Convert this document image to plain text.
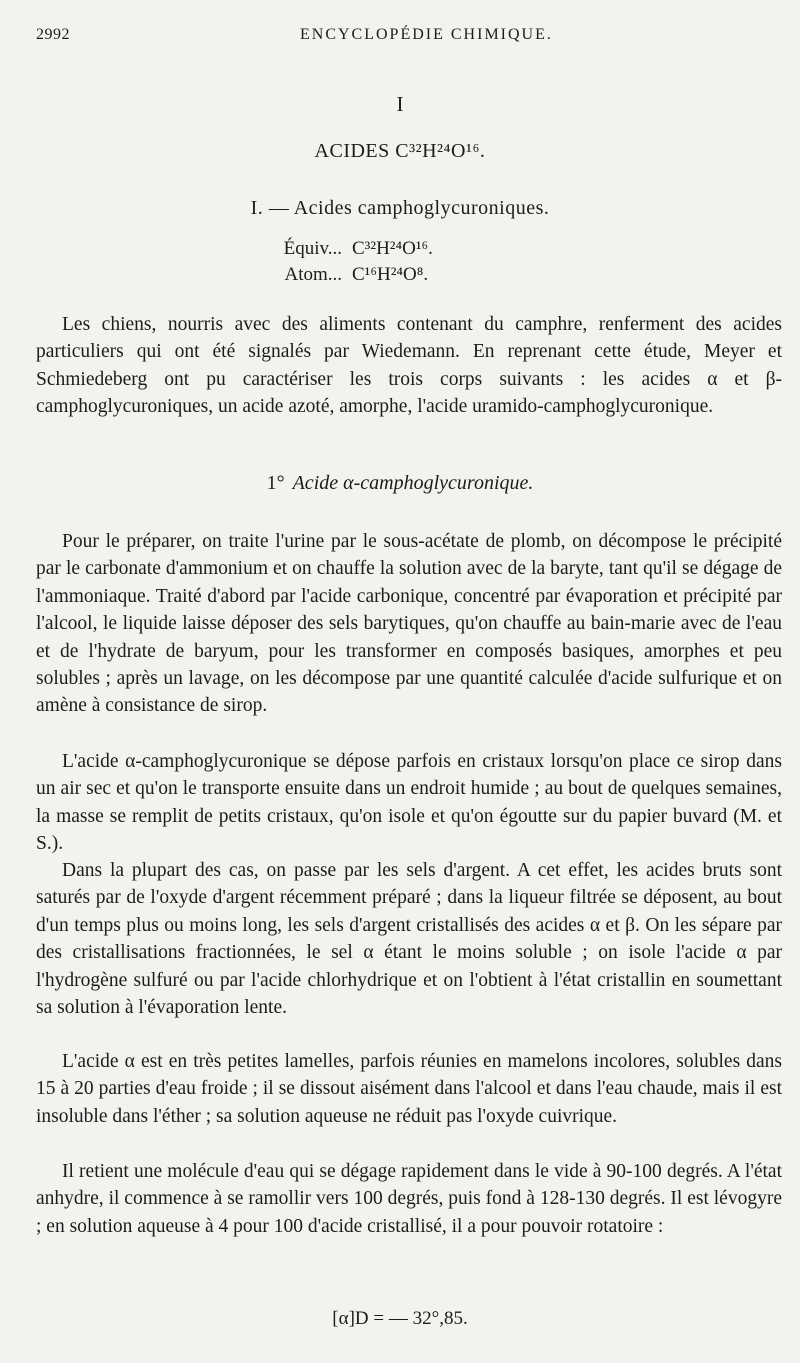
2992	ENCYCLOPÉDIE CHIMIQUE.
I
ACIDES C³²H²⁴O¹⁶.
I. — Acides camphoglycuroniques.
Équiv... C³²H²⁴O¹⁶.
Atom... C¹⁶H²⁴O⁸.

Les chiens, nourris avec des aliments contenant du camphre, renferment des acides particuliers qui ont été signalés par Wiedemann. En reprenant cette étude, Meyer et Schmiedeberg ont pu caractériser les trois corps suivants : les acides α et β-camphoglycuroniques, un acide azoté, amorphe, l'acide uramido-camphoglycuronique.

1° Acide α-camphoglycuronique.

Pour le préparer, on traite l'urine par le sous-acétate de plomb, on décompose le précipité par le carbonate d'ammonium et on chauffe la solution avec de la baryte, tant qu'il se dégage de l'ammoniaque. Traité d'abord par l'acide carbonique, concentré par évaporation et précipité par l'alcool, le liquide laisse déposer des sels barytiques, qu'on chauffe au bain-marie avec de l'eau et de l'hydrate de baryum, pour les transformer en composés basiques, amorphes et peu solubles ; après un lavage, on les décompose par une quantité calculée d'acide sulfurique et on amène à consistance de sirop.

L'acide α-camphoglycuronique se dépose parfois en cristaux lorsqu'on place ce sirop dans un air sec et qu'on le transporte ensuite dans un endroit humide ; au bout de quelques semaines, la masse se remplit de petits cristaux, qu'on isole et qu'on égoutte sur du papier buvard (M. et S.).

Dans la plupart des cas, on passe par les sels d'argent. A cet effet, les acides bruts sont saturés par de l'oxyde d'argent récemment préparé ; dans la liqueur filtrée se déposent, au bout d'un temps plus ou moins long, les sels d'argent cristallisés des acides α et β. On les sépare par des cristallisations fractionnées, le sel α étant le moins soluble ; on isole l'acide α par l'hydrogène sulfuré ou par l'acide chlorhydrique et on l'obtient à l'état cristallin en soumettant sa solution à l'évaporation lente.

L'acide α est en très petites lamelles, parfois réunies en mamelons incolores, solubles dans 15 à 20 parties d'eau froide ; il se dissout aisément dans l'alcool et dans l'eau chaude, mais il est insoluble dans l'éther ; sa solution aqueuse ne réduit pas l'oxyde cuivrique.

Il retient une molécule d'eau qui se dégage rapidement dans le vide à 90-100 degrés. A l'état anhydre, il commence à se ramollir vers 100 degrés, puis fond à 128-130 degrés. Il est lévogyre ; en solution aqueuse à 4 pour 100 d'acide cristallisé, il a pour pouvoir rotatoire :

[α]D = — 32°,85.
